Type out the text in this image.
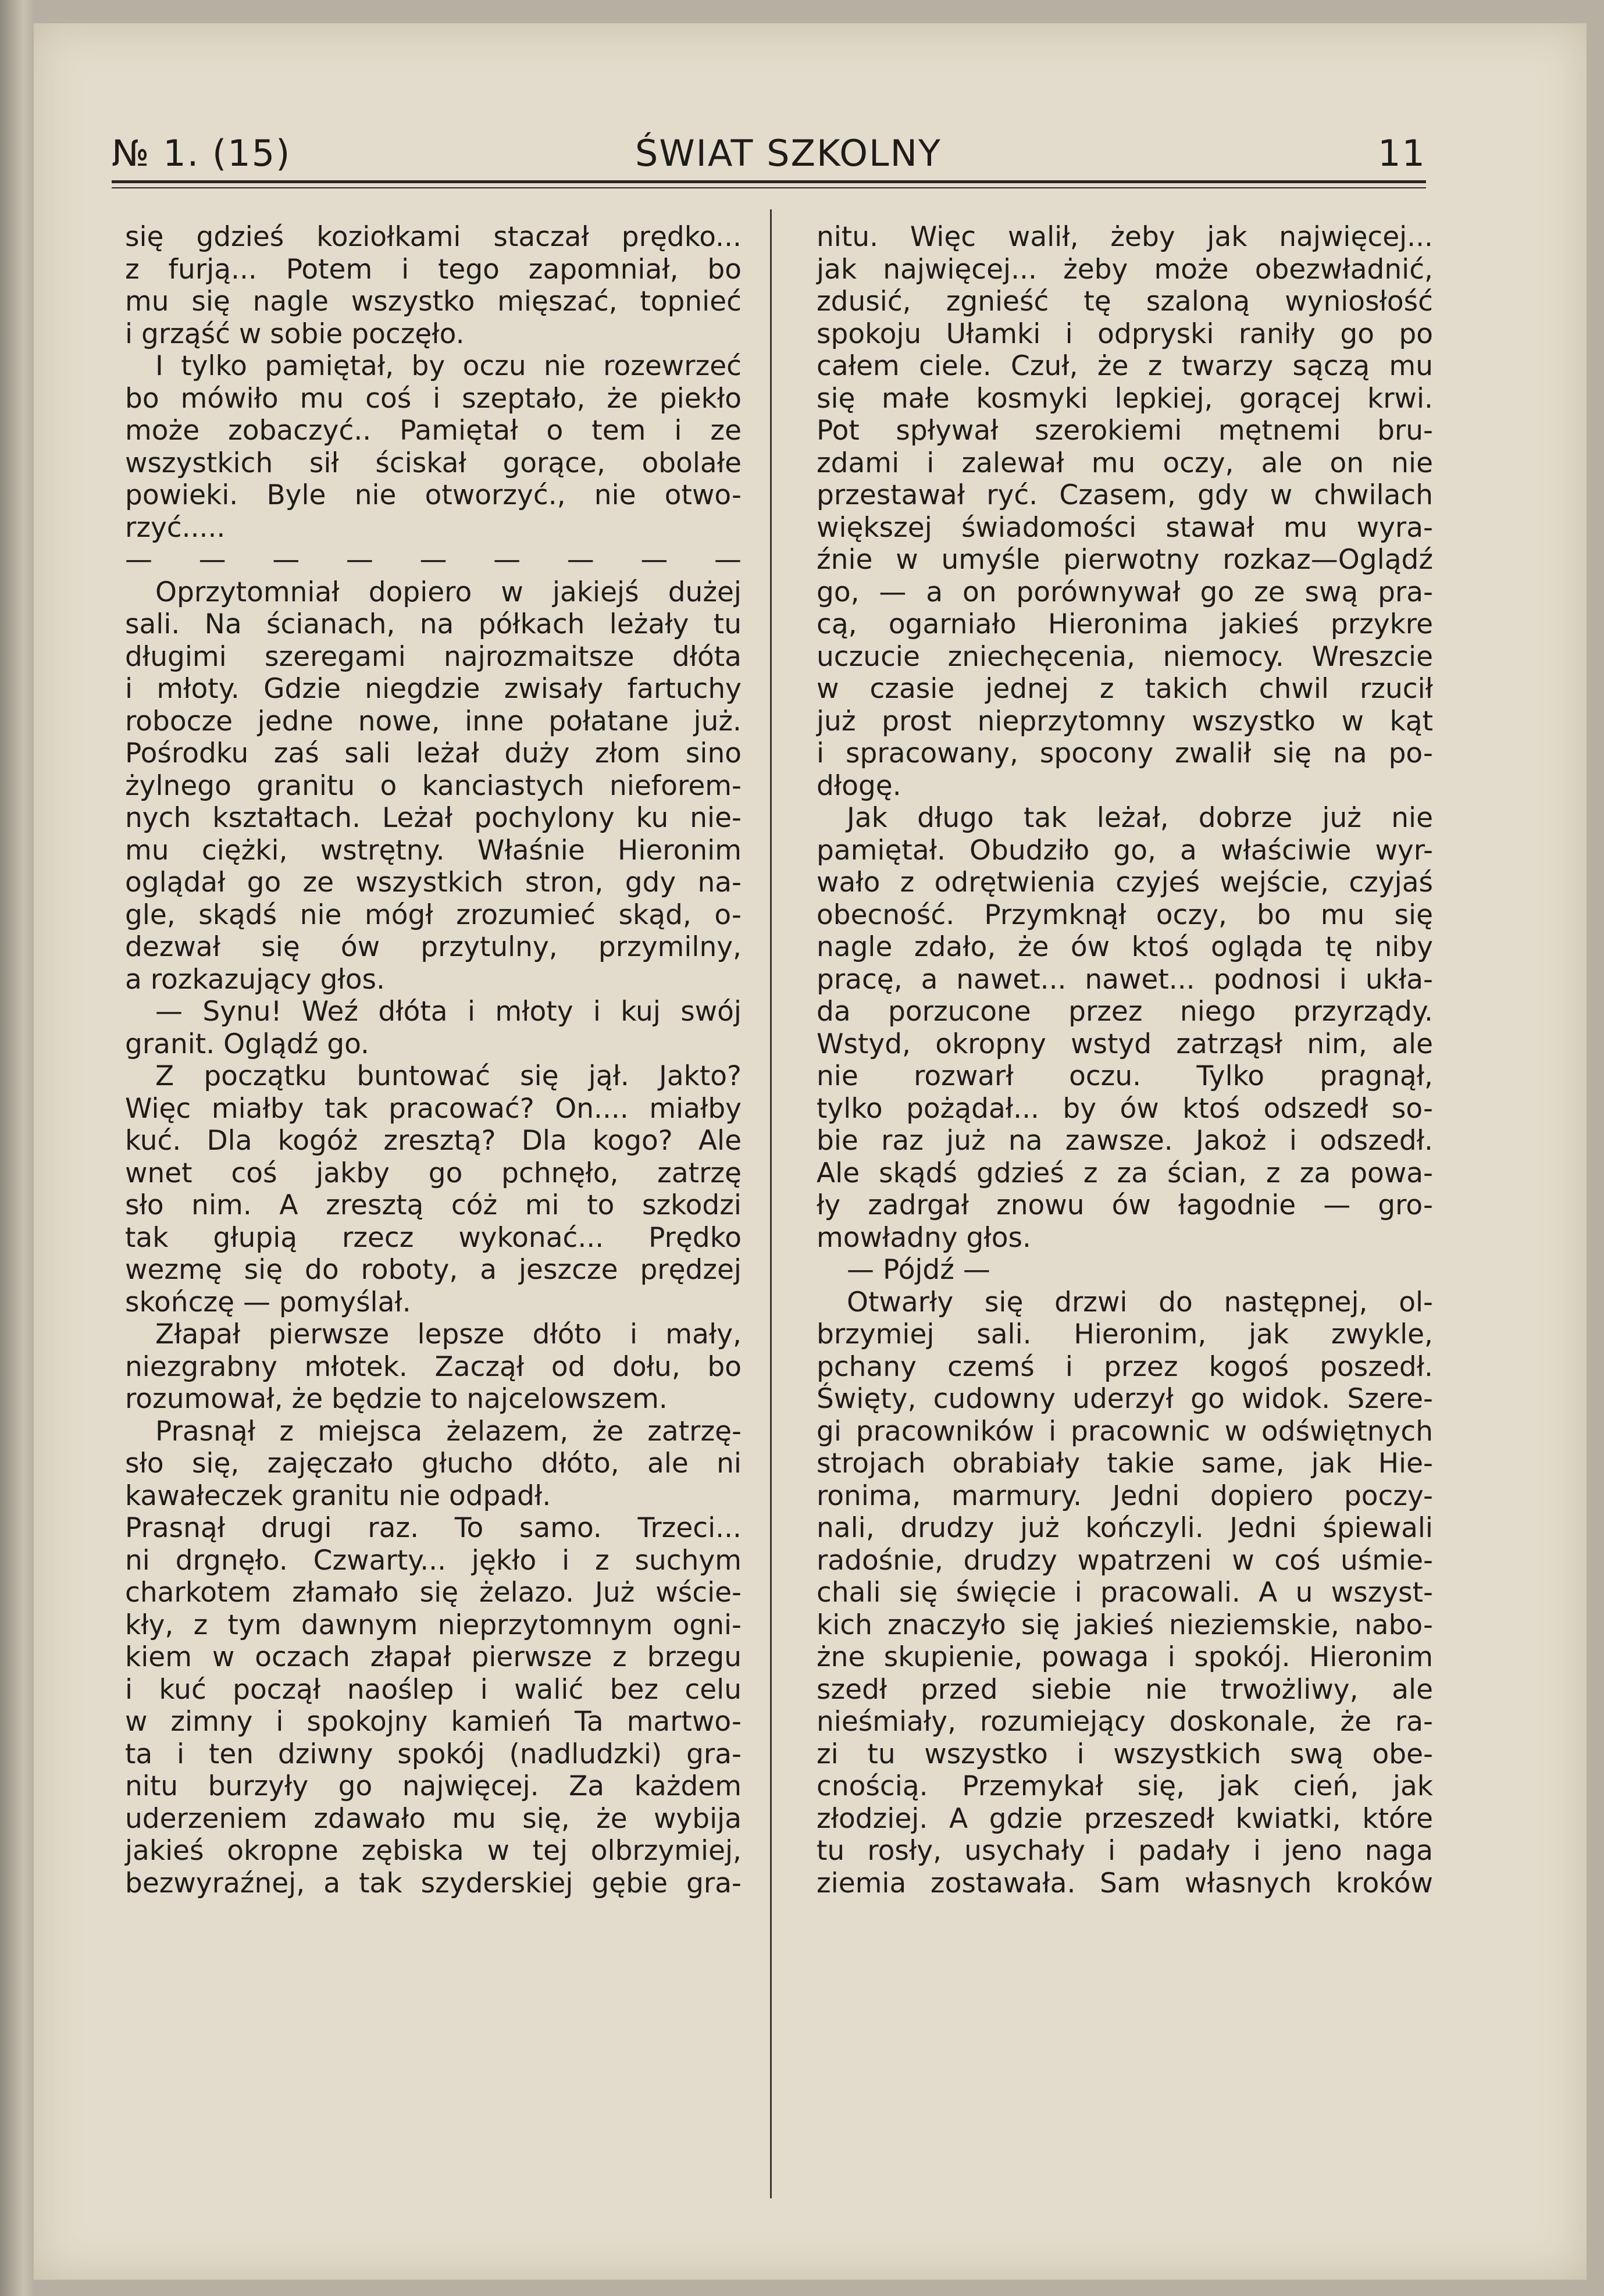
№ 1. (15)	ŚWIAT SZKOLNY	11

się gdzieś koziołkami staczał prędko...

z furją... Potem i tego zapomniał, bo

mu się nagle wszystko mięszać, topnieć

i grząść w sobie poczęło.

I tylko pamiętał, by oczu nie rozewrzeć

bo mówiło mu coś i szeptało, że piekło

może zobaczyć.. Pamiętał o tem i ze

wszystkich sił ściskał gorące, obolałe

powieki. Byle nie otworzyć., nie otwo-

rzyć.....

— — — — — — — — —

Oprzytomniał dopiero w jakiejś dużej

sali. Na ścianach, na półkach leżały tu

długimi szeregami najrozmaitsze dłóta

i młoty. Gdzie niegdzie zwisały fartuchy

robocze jedne nowe, inne połatane już.

Pośrodku zaś sali leżał duży złom sino

żylnego granitu o kanciastych nieforem-

nych kształtach. Leżał pochylony ku nie-

mu ciężki, wstrętny. Właśnie Hieronim

oglądał go ze wszystkich stron, gdy na-

gle, skądś nie mógł zrozumieć skąd, o-

dezwał się ów przytulny, przymilny,

a rozkazujący głos.

— Synu! Weź dłóta i młoty i kuj swój

granit. Oglądź go.

Z początku buntować się jął. Jakto?

Więc miałby tak pracować? On.... miałby

kuć. Dla kogóż zresztą? Dla kogo? Ale

wnet coś jakby go pchnęło, zatrzę

sło nim. A zresztą cóż mi to szkodzi

tak głupią rzecz wykonać... Prędko

wezmę się do roboty, a jeszcze prędzej

skończę — pomyślał.

Złapał pierwsze lepsze dłóto i mały,

niezgrabny młotek. Zaczął od dołu, bo

rozumował, że będzie to najcelowszem.

Prasnął z miejsca żelazem, że zatrzę-

sło się, zajęczało głucho dłóto, ale ni

kawałeczek granitu nie odpadł.

Prasnął drugi raz. To samo. Trzeci...

ni drgnęło. Czwarty... jękło i z suchym

charkotem złamało się żelazo. Już wście-

kły, z tym dawnym nieprzytomnym ogni-

kiem w oczach złapał pierwsze z brzegu

i kuć począł naoślep i walić bez celu

w zimny i spokojny kamień Ta martwo-

ta i ten dziwny spokój (nadludzki) gra-

nitu burzyły go najwięcej. Za każdem

uderzeniem zdawało mu się, że wybija

jakieś okropne zębiska w tej olbrzymiej,

bezwyraźnej, a tak szyderskiej gębie gra-

nitu. Więc walił, żeby jak najwięcej...

jak najwięcej... żeby może obezwładnić,

zdusić, zgnieść tę szaloną wyniosłość

spokoju Ułamki i odpryski raniły go po

całem ciele. Czuł, że z twarzy sączą mu

się małe kosmyki lepkiej, gorącej krwi.

Pot spływał szerokiemi mętnemi bru-

zdami i zalewał mu oczy, ale on nie

przestawał ryć. Czasem, gdy w chwilach

większej świadomości stawał mu wyra-

źnie w umyśle pierwotny rozkaz—Oglądź

go, — a on porównywał go ze swą pra-

cą, ogarniało Hieronima jakieś przykre

uczucie zniechęcenia, niemocy. Wreszcie

w czasie jednej z takich chwil rzucił

już prost nieprzytomny wszystko w kąt

i spracowany, spocony zwalił się na po-

dłogę.

Jak długo tak leżał, dobrze już nie

pamiętał. Obudziło go, a właściwie wyr-

wało z odrętwienia czyjeś wejście, czyjaś

obecność. Przymknął oczy, bo mu się

nagle zdało, że ów ktoś ogląda tę niby

pracę, a nawet... nawet... podnosi i ukła-

da porzucone przez niego przyrządy.

Wstyd, okropny wstyd zatrząsł nim, ale

nie rozwarł oczu. Tylko pragnął,

tylko pożądał... by ów ktoś odszedł so-

bie raz już na zawsze. Jakoż i odszedł.

Ale skądś gdzieś z za ścian, z za powa-

ły zadrgał znowu ów łagodnie — gro-

mowładny głos.

— Pójdź —

Otwarły się drzwi do następnej, ol-

brzymiej sali. Hieronim, jak zwykle,

pchany czemś i przez kogoś poszedł.

Święty, cudowny uderzył go widok. Szere-

gi pracowników i pracownic w odświętnych

strojach obrabiały takie same, jak Hie-

ronima, marmury. Jedni dopiero poczy-

nali, drudzy już kończyli. Jedni śpiewali

radośnie, drudzy wpatrzeni w coś uśmie-

chali się święcie i pracowali. A u wszyst-

kich znaczyło się jakieś nieziemskie, nabo-

żne skupienie, powaga i spokój. Hieronim

szedł przed siebie nie trwożliwy, ale

nieśmiały, rozumiejący doskonale, że ra-

zi tu wszystko i wszystkich swą obe-

cnością. Przemykał się, jak cień, jak

złodziej. A gdzie przeszedł kwiatki, które

tu rosły, usychały i padały i jeno naga

ziemia zostawała. Sam własnych kroków
